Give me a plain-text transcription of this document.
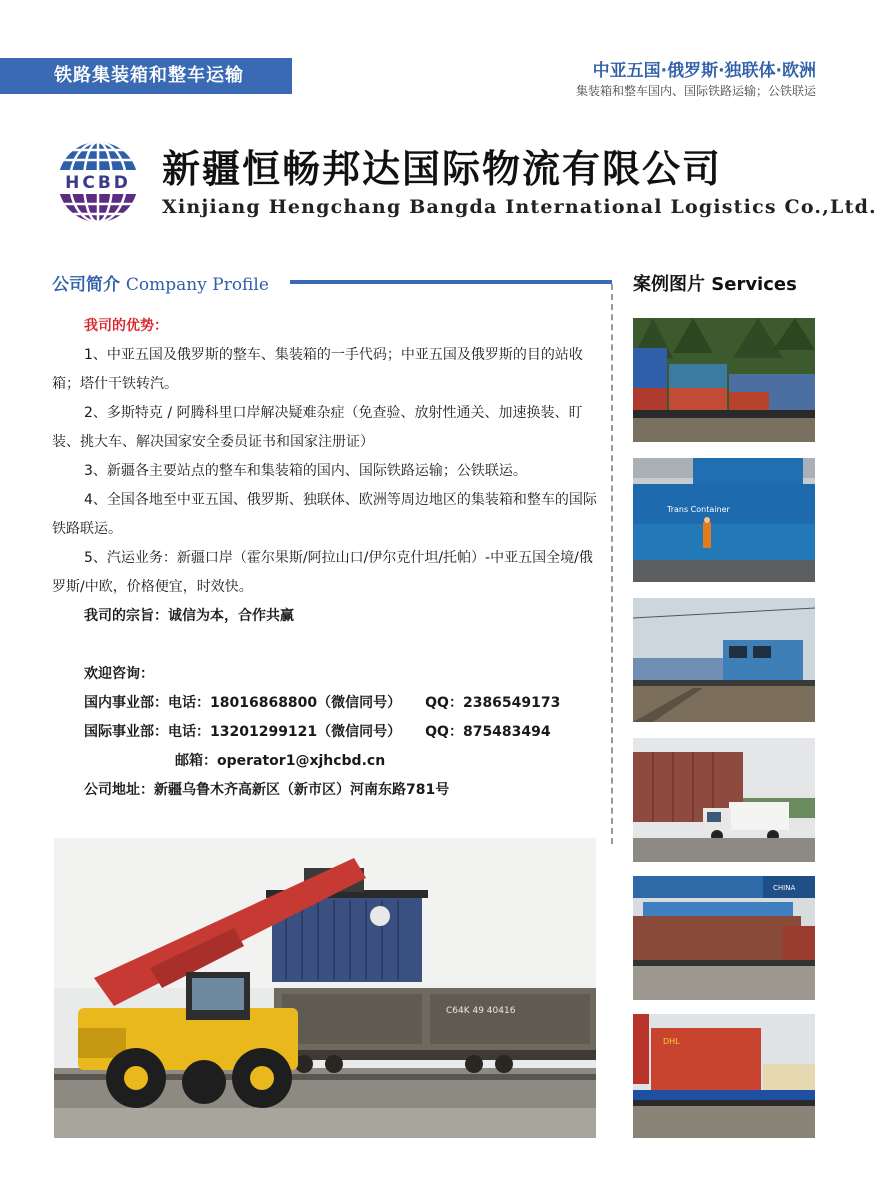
铁路集装箱和整车运输	中亚五国·俄罗斯·独联体·欧洲
集装箱和整车国内、国际铁路运输；公铁联运
HCBD 新疆恒畅邦达国际物流有限公司
Xinjiang Hengchang Bangda International Logistics Co.,Ltd.
公司简介 Company Profile	案例图片 Services

我司的优势：

1、中亚五国及俄罗斯的整车、集装箱的一手代码；中亚五国及俄罗斯的目的站收箱；塔什干铁转汽。

2、多斯特克 / 阿腾科里口岸解决疑难杂症（免查验、放射性通关、加速换装、盯装、挑大车、解决国家安全委员证书和国家注册证）

3、新疆各主要站点的整车和集装箱的国内、国际铁路运输；公铁联运。

4、全国各地至中亚五国、俄罗斯、独联体、欧洲等周边地区的集装箱和整车的国际铁路联运。

5、汽运业务：新疆口岸（霍尔果斯/阿拉山口/伊尔克什坦/托帕）-中亚五国全境/俄罗斯/中欧，价格便宜，时效快。

我司的宗旨：诚信为本，合作共赢

欢迎咨询：

国内事业部：电话：18016868800（微信同号） QQ：2386549173

国际事业部：电话：13201299121（微信同号） QQ：875483494

邮箱：operator1@xjhcbd.cn

公司地址：新疆乌鲁木齐高新区（新市区）河南东路781号

C64K 49 40416
Trans Container
CHINA
DHL
